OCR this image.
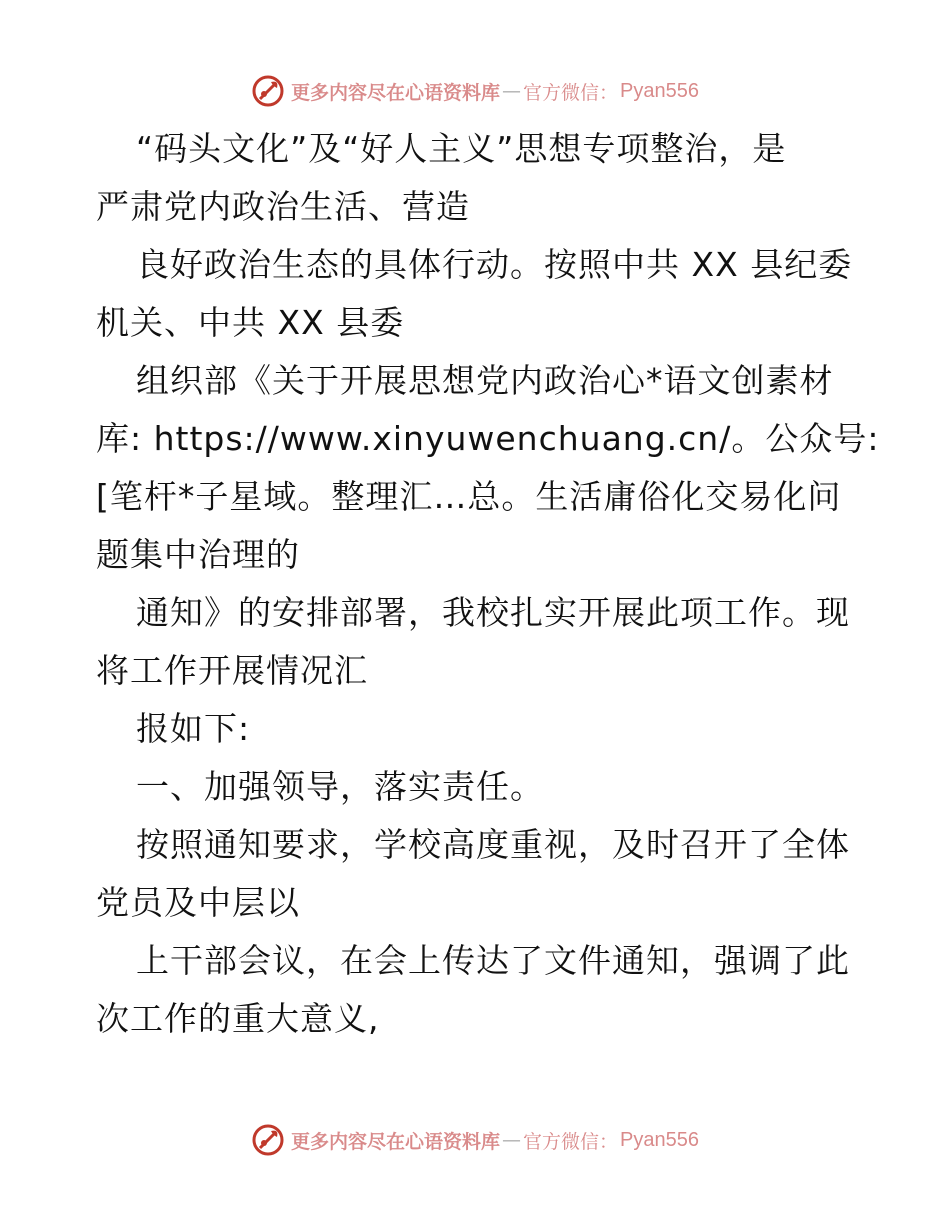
更多内容尽在心语资料库 — 官方微信： Pyan556
“码头文化”及“好人主义”思想专项整治，是
严肃党内政治生活、营造
良好政治生态的具体行动。按照中共 XX 县纪委
机关、中共 XX 县委
组织部《关于开展思想党内政治心*语文创素材
库: https://www.xinyuwenchuang.cn/。公众号:
[笔杆*子星域。整理汇…总。生活庸俗化交易化问
题集中治理的
通知》的安排部署，我校扎实开展此项工作。现
将工作开展情况汇
报如下:
一、加强领导，落实责任。
按照通知要求，学校高度重视，及时召开了全体
党员及中层以
上干部会议，在会上传达了文件通知，强调了此
次工作的重大意义,
更多内容尽在心语资料库 — 官方微信： Pyan556
